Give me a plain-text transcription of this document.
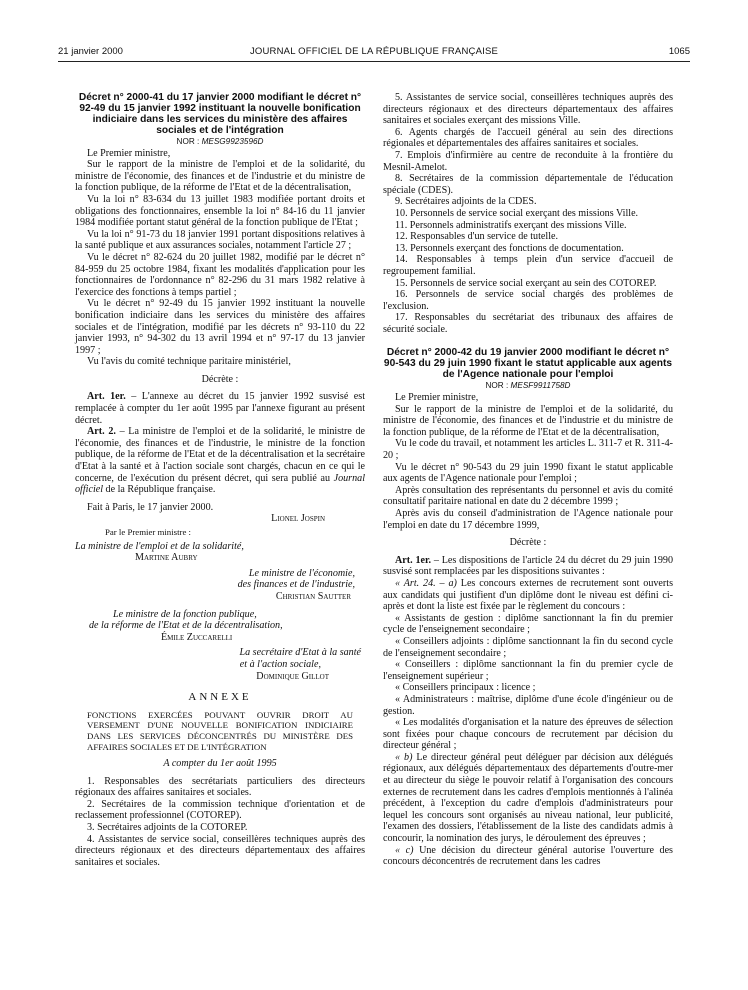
21 janvier 2000	JOURNAL OFFICIEL DE LA RÉPUBLIQUE FRANÇAISE	1065

Décret n° 2000-41 du 17 janvier 2000 modifiant le décret n° 92-49 du 15 janvier 1992 instituant la nouvelle bonification indiciaire dans les services du ministère des affaires sociales et de l'intégration

NOR : MESG9923596D

Le Premier ministre,

Sur le rapport de la ministre de l'emploi et de la solidarité, du ministre de l'économie, des finances et de l'industrie et du ministre de la fonction publique, de la réforme de l'Etat et de la décentralisation,

Vu la loi n° 83-634 du 13 juillet 1983 modifiée portant droits et obligations des fonctionnaires, ensemble la loi n° 84-16 du 11 janvier 1984 modifiée portant statut général de la fonction publique de l'Etat ;

Vu la loi n° 91-73 du 18 janvier 1991 portant dispositions relatives à la santé publique et aux assurances sociales, notamment l'article 27 ;

Vu le décret n° 82-624 du 20 juillet 1982, modifié par le décret n° 84-959 du 25 octobre 1984, fixant les modalités d'application pour les fonctionnaires de l'ordonnance n° 82-296 du 31 mars 1982 relative à l'exercice des fonctions à temps partiel ;

Vu le décret n° 92-49 du 15 janvier 1992 instituant la nouvelle bonification indiciaire dans les services du ministère des affaires sociales et de l'intégration, modifié par les décrets n° 93-110 du 22 janvier 1993, n° 94-302 du 13 avril 1994 et n° 97-17 du 13 janvier 1997 ;

Vu l'avis du comité technique paritaire ministériel,

Décrète :

Art. 1er. – L'annexe au décret du 15 janvier 1992 susvisé est remplacée à compter du 1er août 1995 par l'annexe figurant au présent décret.

Art. 2. – La ministre de l'emploi et de la solidarité, le ministre de l'économie, des finances et de l'industrie, le ministre de la fonction publique, de la réforme de l'Etat et de la décentralisation et la secrétaire d'Etat à la santé et à l'action sociale sont chargés, chacun en ce qui le concerne, de l'exécution du présent décret, qui sera publié au Journal officiel de la République française.

Fait à Paris, le 17 janvier 2000.

Lionel Jospin

Par le Premier ministre :

La ministre de l'emploi et de la solidarité,

Martine Aubry

Le ministre de l'économie,

des finances et de l'industrie,

Christian Sautter

Le ministre de la fonction publique,

de la réforme de l'Etat et de la décentralisation,

Émile Zuccarelli

La secrétaire d'Etat à la santé

et à l'action sociale,

Dominique Gillot

ANNEXE

FONCTIONS EXERCÉES POUVANT OUVRIR DROIT AU VERSEMENT D'UNE NOUVELLE BONIFICATION INDICIAIRE DANS LES SERVICES DÉCONCENTRÉS DU MINISTÈRE DES AFFAIRES SOCIALES ET DE L'INTÉGRATION

A compter du 1er août 1995

1. Responsables des secrétariats particuliers des directeurs régionaux des affaires sanitaires et sociales.

2. Secrétaires de la commission technique d'orientation et de reclassement professionnel (COTOREP).

3. Secrétaires adjoints de la COTOREP.

4. Assistantes de service social, conseillères techniques auprès des directeurs régionaux et des directeurs départementaux des affaires sanitaires et sociales.

5. Assistantes de service social, conseillères techniques auprès des directeurs régionaux et des directeurs départementaux des affaires sanitaires et sociales exerçant des missions Ville.

6. Agents chargés de l'accueil général au sein des directions régionales et départementales des affaires sanitaires et sociales.

7. Emplois d'infirmière au centre de reconduite à la frontière du Mesnil-Amelot.

8. Secrétaires de la commission départementale de l'éducation spéciale (CDES).

9. Secrétaires adjoints de la CDES.

10. Personnels de service social exerçant des missions Ville.

11. Personnels administratifs exerçant des missions Ville.

12. Responsables d'un service de tutelle.

13. Personnels exerçant des fonctions de documentation.

14. Responsables à temps plein d'un service d'accueil de regroupement familial.

15. Personnels de service social exerçant au sein des COTOREP.

16. Personnels de service social chargés des problèmes de l'exclusion.

17. Responsables du secrétariat des tribunaux des affaires de sécurité sociale.

Décret n° 2000-42 du 19 janvier 2000 modifiant le décret n° 90-543 du 29 juin 1990 fixant le statut applicable aux agents de l'Agence nationale pour l'emploi

NOR : MESF9911758D

Le Premier ministre,

Sur le rapport de la ministre de l'emploi et de la solidarité, du ministre de l'économie, des finances et de l'industrie et du ministre de la fonction publique, de la réforme de l'Etat et de la décentralisation,

Vu le code du travail, et notamment les articles L. 311-7 et R. 311-4-20 ;

Vu le décret n° 90-543 du 29 juin 1990 fixant le statut applicable aux agents de l'Agence nationale pour l'emploi ;

Après consultation des représentants du personnel et avis du comité consultatif paritaire national en date du 2 décembre 1999 ;

Après avis du conseil d'administration de l'Agence nationale pour l'emploi en date du 17 décembre 1999,

Décrète :

Art. 1er. – Les dispositions de l'article 24 du décret du 29 juin 1990 susvisé sont remplacées par les dispositions suivantes :

« Art. 24. – a) Les concours externes de recrutement sont ouverts aux candidats qui justifient d'un diplôme dont le niveau est défini ci-après et dont la liste est fixée par le règlement du concours :

« Assistants de gestion : diplôme sanctionnant la fin du premier cycle de l'enseignement secondaire ;

« Conseillers adjoints : diplôme sanctionnant la fin du second cycle de l'enseignement secondaire ;

« Conseillers : diplôme sanctionnant la fin du premier cycle de l'enseignement supérieur ;

« Conseillers principaux : licence ;

« Administrateurs : maîtrise, diplôme d'une école d'ingénieur ou de gestion.

« Les modalités d'organisation et la nature des épreuves de sélection sont fixées pour chaque concours de recrutement par décision du directeur général ;

« b) Le directeur général peut déléguer par décision aux délégués régionaux, aux délégués départementaux des départements d'outre-mer et au directeur du siège le pouvoir relatif à l'organisation des concours externes de recrutement dans les cadres d'emplois mentionnés à l'alinéa précédent, à l'exception du cadre d'emplois d'administrateurs pour lequel les concours sont organisés au niveau national, leur publicité, l'examen des dossiers, l'établissement de la liste des candidats admis à concourir, la nomination des jurys, le déroulement des épreuves ;

« c) Une décision du directeur général autorise l'ouverture des concours déconcentrés de recrutement dans les cadres
